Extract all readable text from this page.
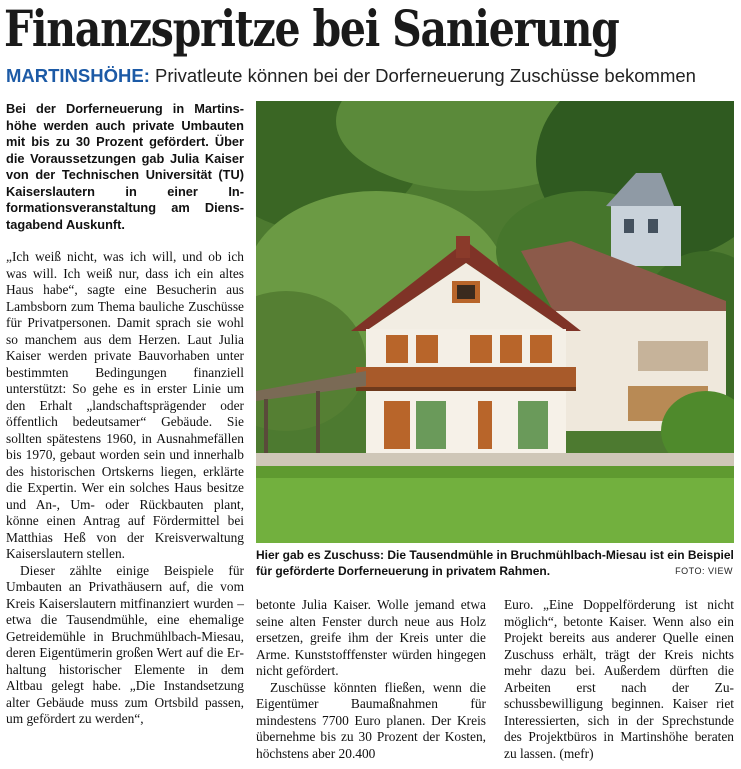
Finanzspritze bei Sanierung
MARTINSHÖHE: Privatleute können bei der Dorferneuerung Zuschüsse bekommen

Bei der Dorferneuerung in Martinshöhe werden auch private Umbauten mit bis zu 30 Prozent gefördert. Über die Voraussetzungen gab Julia Kaiser von der Technischen Universität (TU) Kaiserslautern in einer Informationsveranstaltung am Dienstagabend Auskunft.

„Ich weiß nicht, was ich will, und ob ich was will. Ich weiß nur, dass ich ein altes Haus habe“, sagte eine Besucherin aus Lambsborn zum Thema bauliche Zuschüsse für Privatpersonen. Damit sprach sie wohl so manchem aus dem Herzen. Laut Julia Kaiser werden private Bauvorhaben unter bestimmten Bedingungen finanziell unterstützt: So gehe es in erster Linie um den Erhalt „landschaftsprägender oder öffentlich bedeutsamer“ Gebäude. Sie sollten spätestens 1960, in Ausnahmefällen bis 1970, gebaut worden sein und innerhalb des historischen Ortskerns liegen, erklärte die Expertin. Wer ein solches Haus besitze und An-, Um- oder Rückbauten plant, könne einen Antrag auf Fördermittel bei Matthias Heß von der Kreisverwaltung Kaiserslautern stellen.

Dieser zählte einige Beispiele für Umbauten an Privathäusern auf, die vom Kreis Kaiserslautern mitfinanziert wurden – etwa die Tausendmühle, eine ehemalige Getreidemühle in Bruchmühlbach-Miesau, deren Eigentümerin großen Wert auf die Erhaltung historischer Elemente in dem Altbau gelegt habe. „Die Instandsetzung alter Gebäude muss zum Ortsbild passen, um gefördert zu werden“,

Hier gab es Zuschuss: Die Tausendmühle in Bruchmühlbach-Miesau ist ein Beispiel für geförderte Dorferneuerung in privatem Rahmen.	FOTO: VIEW

betonte Julia Kaiser. Wolle jemand etwa seine alten Fenster durch neue aus Holz ersetzen, greife ihm der Kreis unter die Arme. Kunststofffenster würden hingegen nicht gefördert.

Zuschüsse könnten fließen, wenn die Eigentümer Baumaßnahmen für mindestens 7700 Euro planen. Der Kreis übernehme bis zu 30 Prozent der Kosten, höchstens aber 20.400

Euro. „Eine Doppelförderung ist nicht möglich“, betonte Kaiser. Wenn also ein Projekt bereits aus anderer Quelle einen Zuschuss erhält, trägt der Kreis nichts mehr dazu bei. Außerdem dürften die Arbeiten erst nach der Zuschussbewilligung beginnen. Kaiser riet Interessierten, sich in der Sprechstunde des Projektbüros in Martinshöhe beraten zu lassen. (mefr)
